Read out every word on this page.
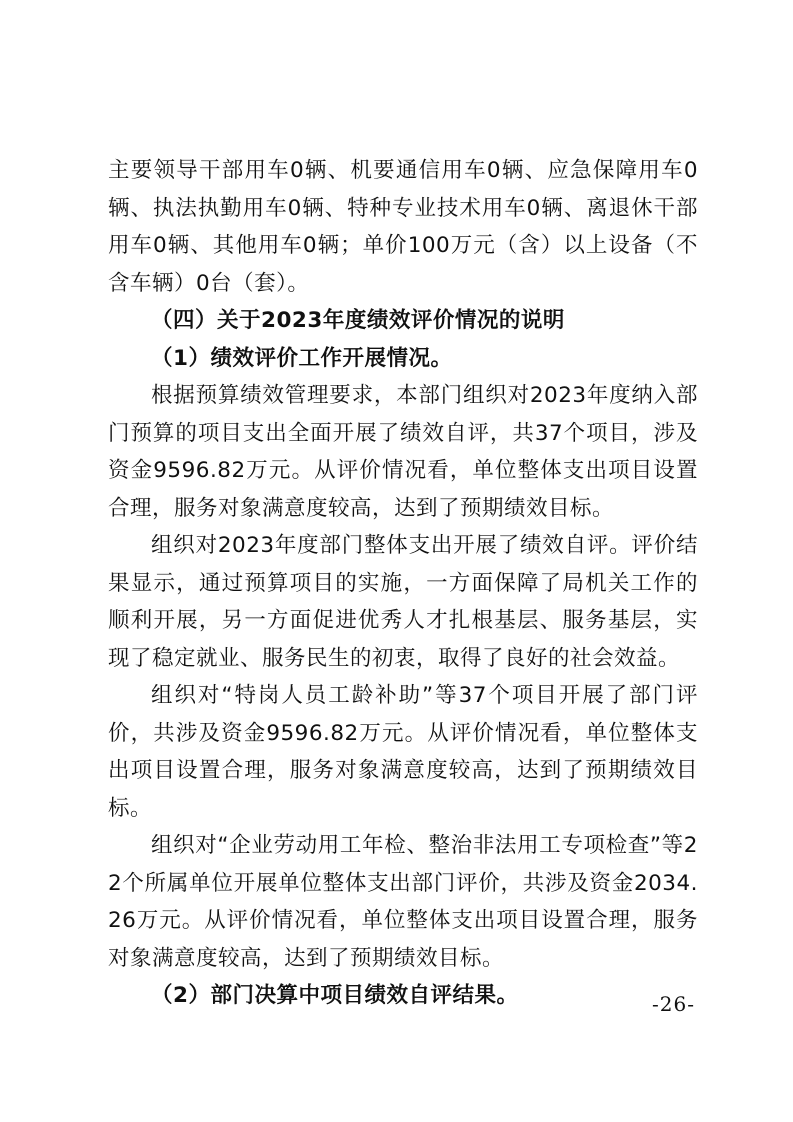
主要领导干部用车0辆、机要通信用车0辆、应急保障用车0辆、执法执勤用车0辆、特种专业技术用车0辆、离退休干部用车0辆、其他用车0辆；单价100万元（含）以上设备（不含车辆）0台（套）。

（四）关于2023年度绩效评价情况的说明

（1）绩效评价工作开展情况。

根据预算绩效管理要求，本部门组织对2023年度纳入部门预算的项目支出全面开展了绩效自评，共37个项目，涉及资金9596.82万元。从评价情况看，单位整体支出项目设置合理，服务对象满意度较高，达到了预期绩效目标。

组织对2023年度部门整体支出开展了绩效自评。评价结果显示，通过预算项目的实施，一方面保障了局机关工作的顺利开展，另一方面促进优秀人才扎根基层、服务基层，实现了稳定就业、服务民生的初衷，取得了良好的社会效益。

组织对“特岗人员工龄补助”等37个项目开展了部门评价，共涉及资金9596.82万元。从评价情况看，单位整体支出项目设置合理，服务对象满意度较高，达到了预期绩效目标。

组织对“企业劳动用工年检、整治非法用工专项检查”等22个所属单位开展单位整体支出部门评价，共涉及资金2034.26万元。从评价情况看，单位整体支出项目设置合理，服务对象满意度较高，达到了预期绩效目标。

（2）部门决算中项目绩效自评结果。	-26-
